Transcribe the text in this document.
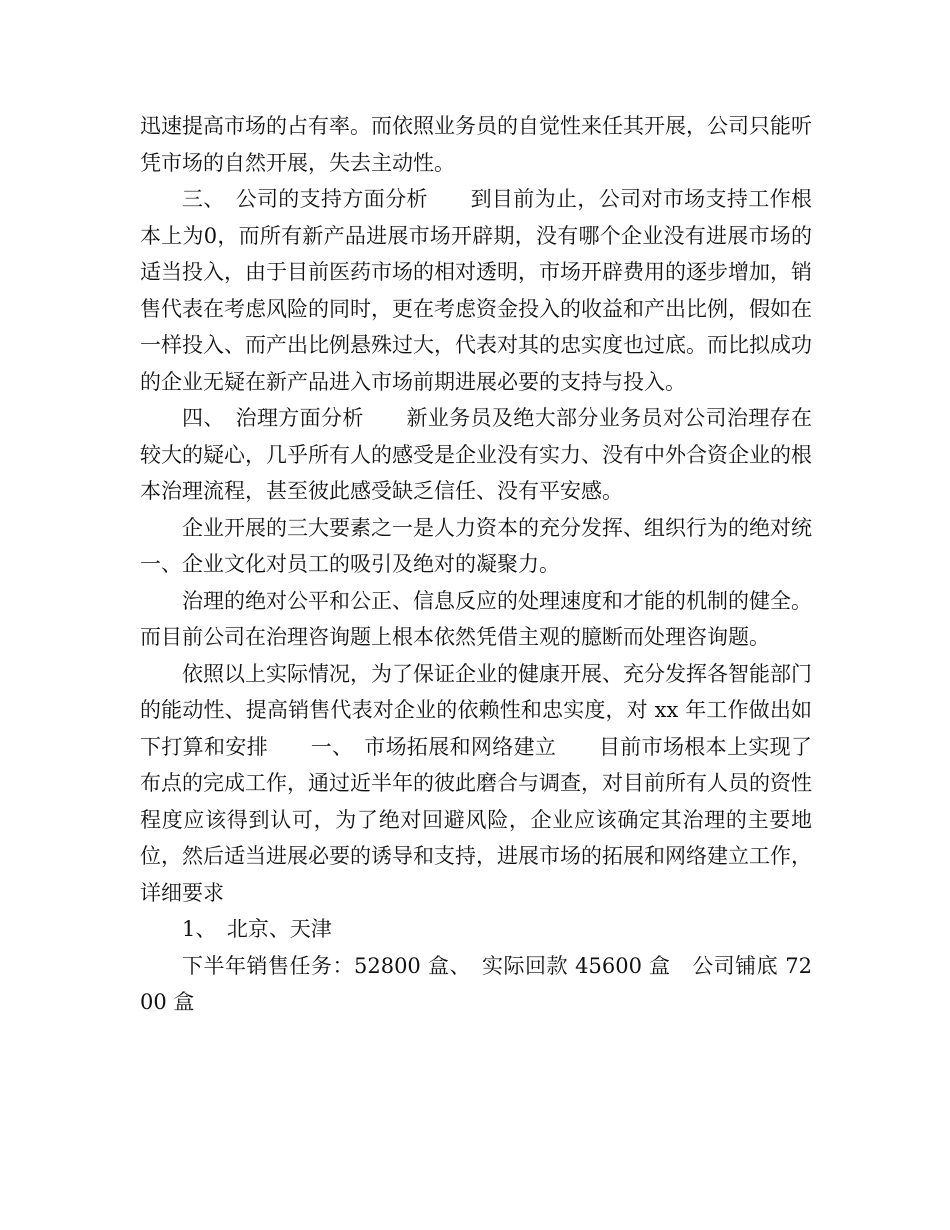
迅速提高市场的占有率。而依照业务员的自觉性来任其开展，公司只能听凭市场的自然开展，失去主动性。

三、　公司的支持方面分析　　到目前为止，公司对市场支持工作根本上为0，而所有新产品进展市场开辟期，没有哪个企业没有进展市场的适当投入，由于目前医药市场的相对透明，市场开辟费用的逐步增加，销售代表在考虑风险的同时，更在考虑资金投入的收益和产出比例，假如在一样投入、而产出比例悬殊过大，代表对其的忠实度也过底。而比拟成功的企业无疑在新产品进入市场前期进展必要的支持与投入。

四、　治理方面分析　　新业务员及绝大部分业务员对公司治理存在较大的疑心，几乎所有人的感受是企业没有实力、没有中外合资企业的根本治理流程，甚至彼此感受缺乏信任、没有平安感。

企业开展的三大要素之一是人力资本的充分发挥、组织行为的绝对统一、企业文化对员工的吸引及绝对的凝聚力。

治理的绝对公平和公正、信息反应的处理速度和才能的机制的健全。而目前公司在治理咨询题上根本依然凭借主观的臆断而处理咨询题。

依照以上实际情况，为了保证企业的健康开展、充分发挥各智能部门的能动性、提高销售代表对企业的依赖性和忠实度，对 xx 年工作做出如下打算和安排　　一、　市场拓展和网络建立　　目前市场根本上实现了布点的完成工作，通过近半年的彼此磨合与调查，对目前所有人员的资性程度应该得到认可，为了绝对回避风险，企业应该确定其治理的主要地位，然后适当进展必要的诱导和支持，进展市场的拓展和网络建立工作，详细要求

1、　北京、天津

下半年销售任务：52800 盒、　实际回款 45600 盒　公司铺底 7200 盒
